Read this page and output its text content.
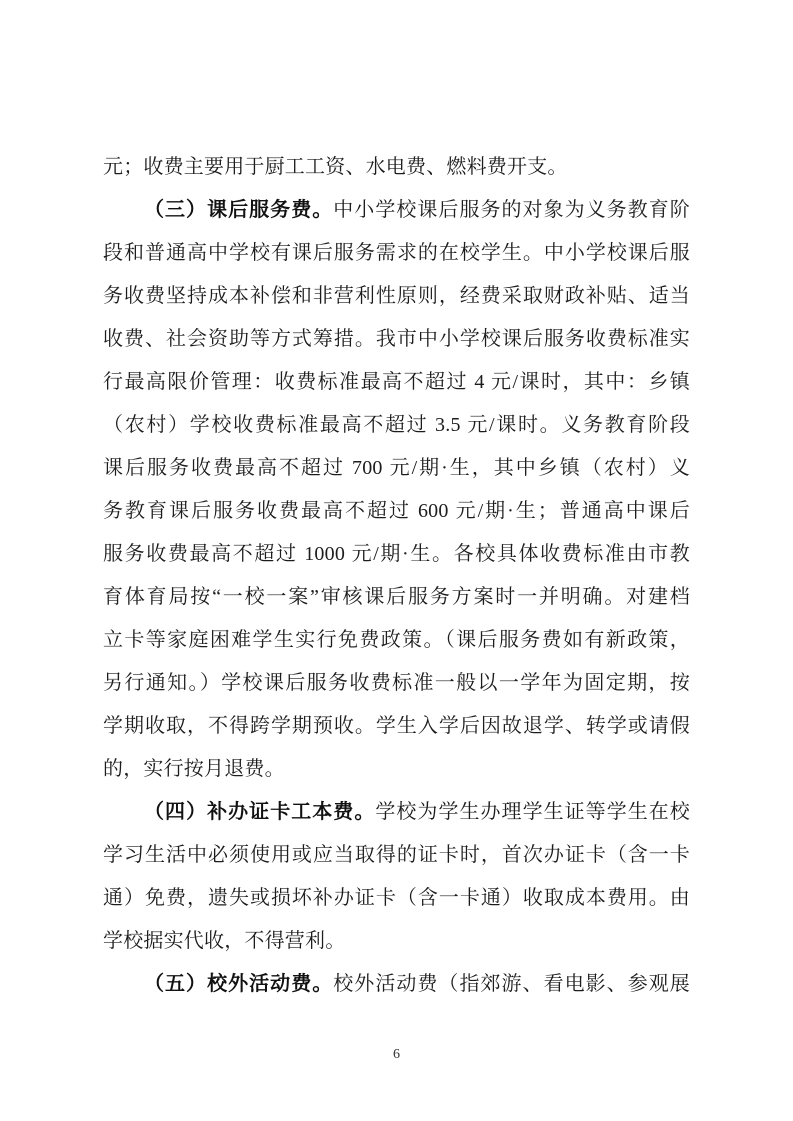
元；收费主要用于厨工工资、水电费、燃料费开支。
（三）课后服务费。中小学校课后服务的对象为义务教育阶
段和普通高中学校有课后服务需求的在校学生。中小学校课后服
务收费坚持成本补偿和非营利性原则，经费采取财政补贴、适当
收费、社会资助等方式筹措。我市中小学校课后服务收费标准实
行最高限价管理：收费标准最高不超过 4 元/课时，其中：乡镇
（农村）学校收费标准最高不超过 3.5 元/课时。义务教育阶段
课后服务收费最高不超过 700 元/期·生，其中乡镇（农村）义
务教育课后服务收费最高不超过 600 元/期·生；普通高中课后
服务收费最高不超过 1000 元/期·生。各校具体收费标准由市教
育体育局按“一校一案”审核课后服务方案时一并明确。对建档
立卡等家庭困难学生实行免费政策。（课后服务费如有新政策，
另行通知。）学校课后服务收费标准一般以一学年为固定期，按
学期收取，不得跨学期预收。学生入学后因故退学、转学或请假
的，实行按月退费。
（四）补办证卡工本费。学校为学生办理学生证等学生在校
学习生活中必须使用或应当取得的证卡时，首次办证卡（含一卡
通）免费，遗失或损坏补办证卡（含一卡通）收取成本费用。由
学校据实代收，不得营利。
（五）校外活动费。校外活动费（指郊游、看电影、参观展
6
